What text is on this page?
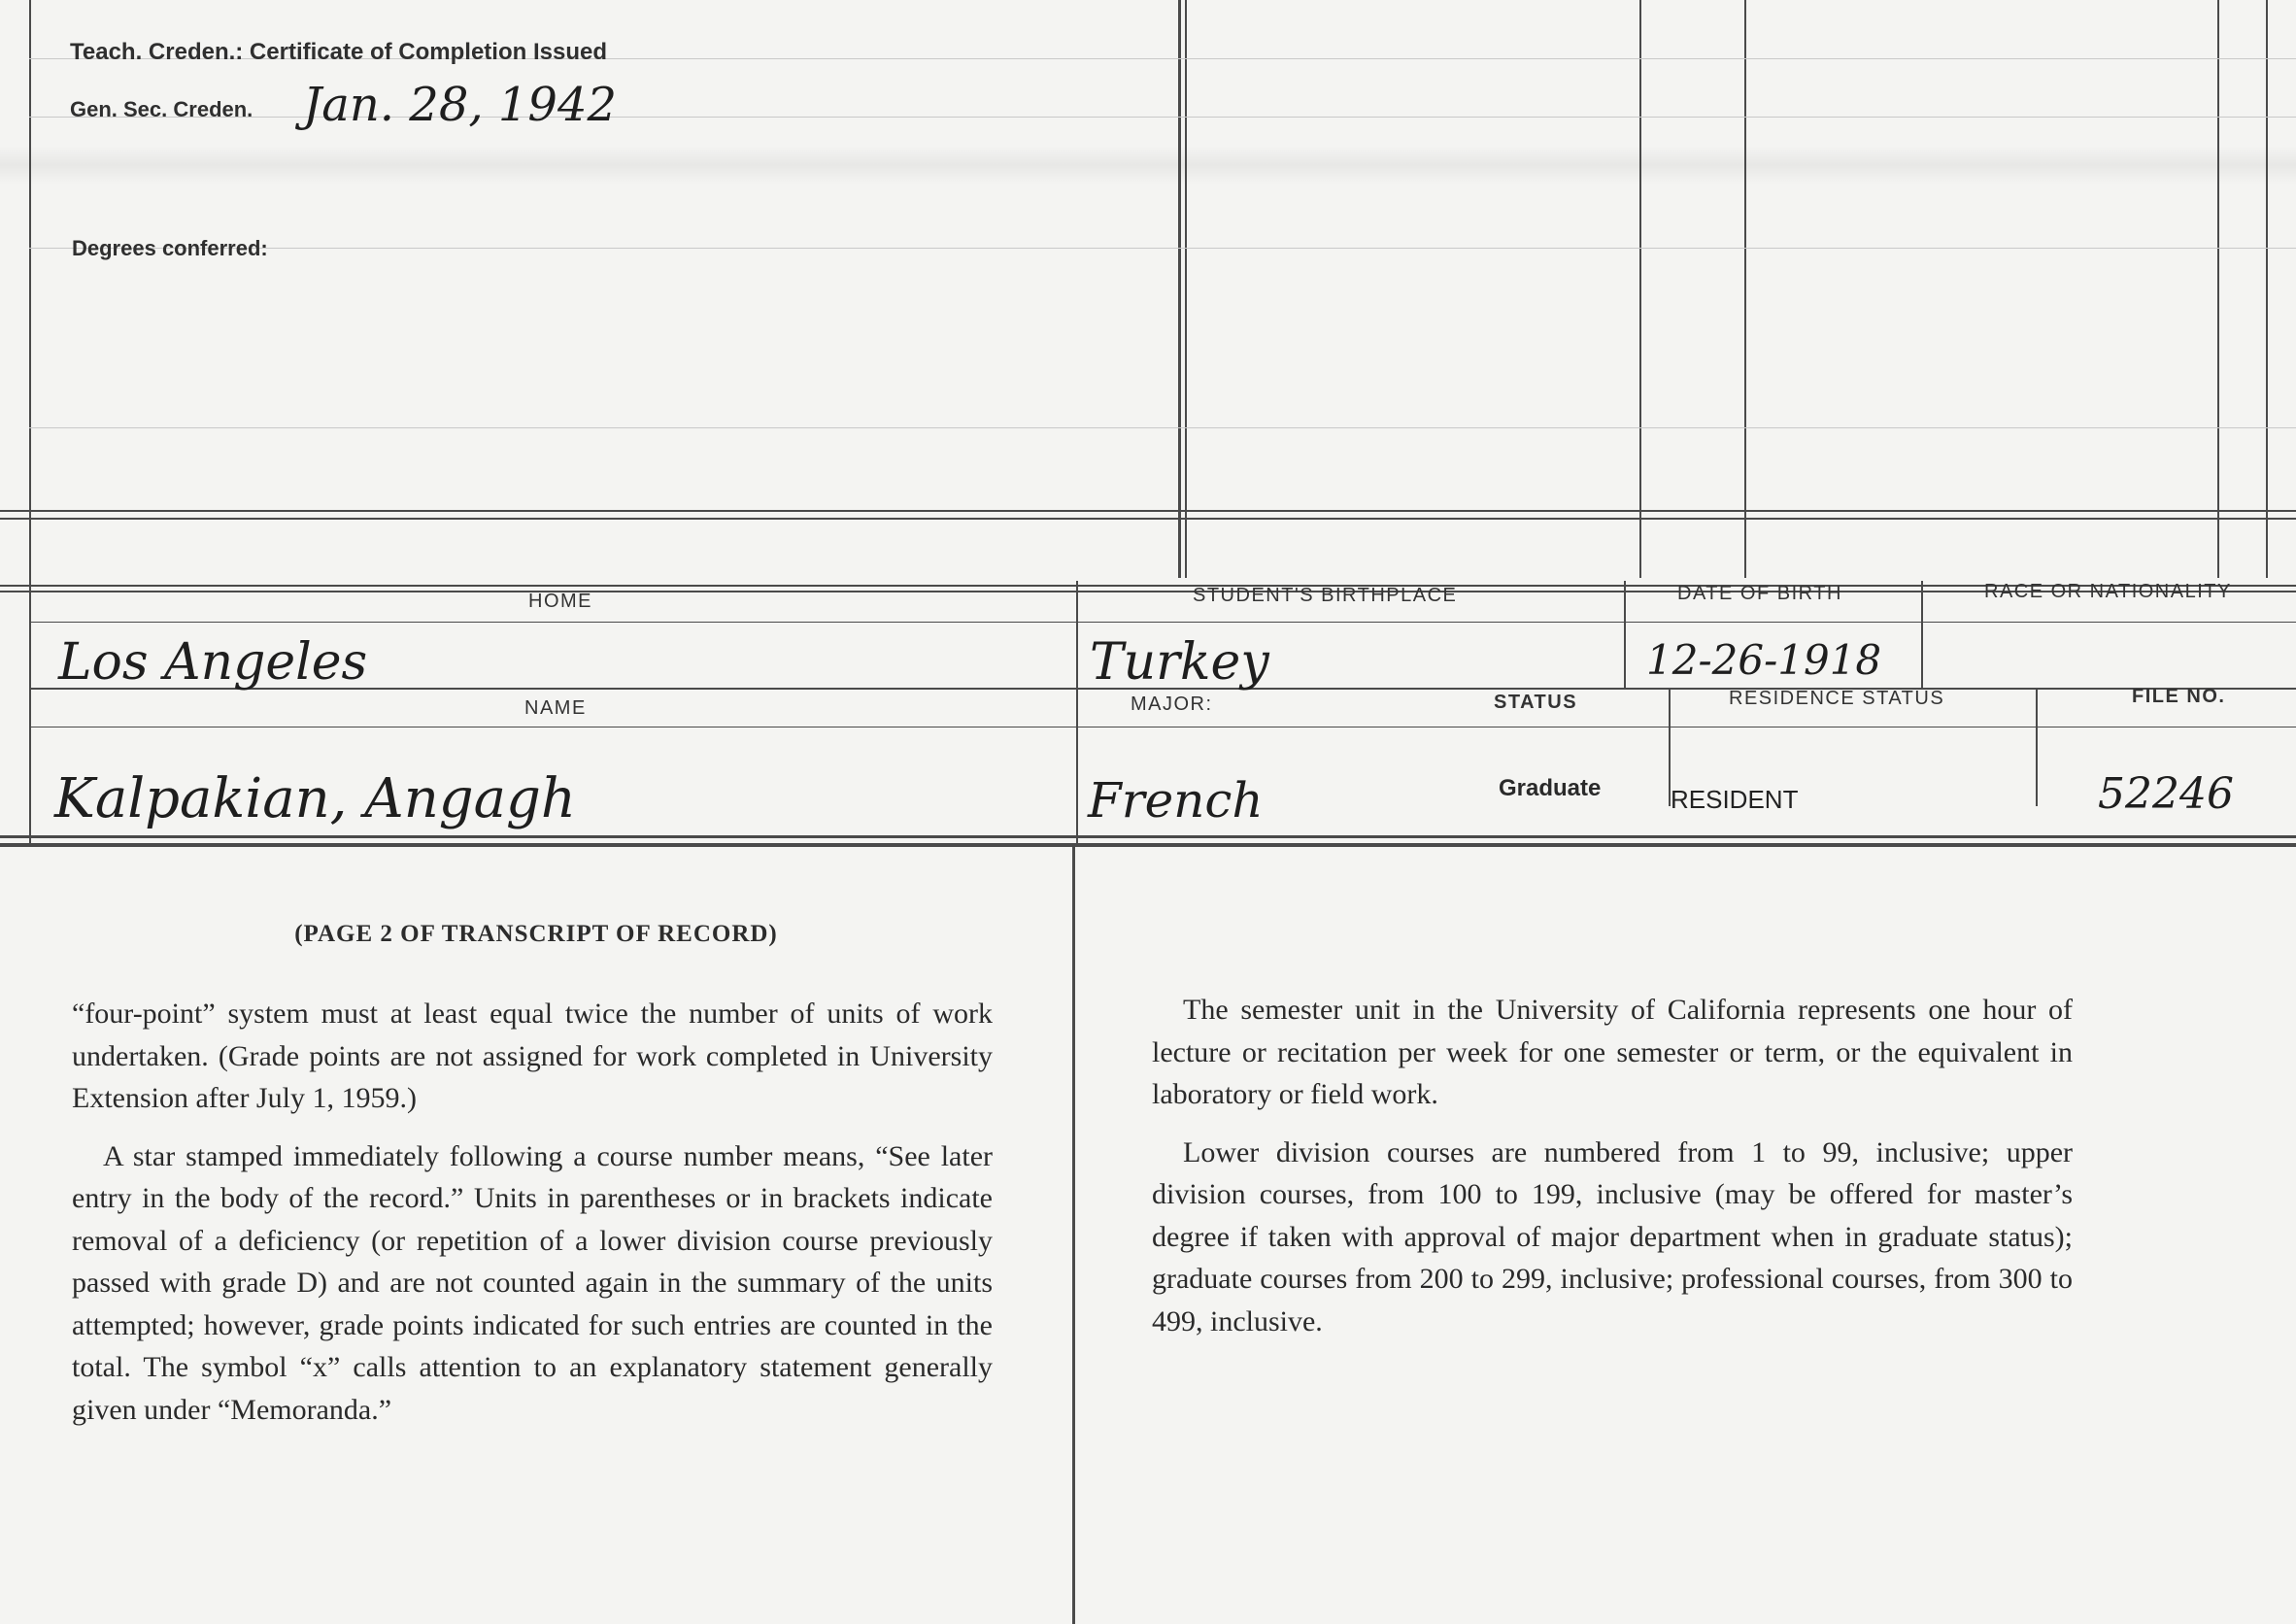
Teach. Creden.: Certificate of Completion Issued
Gen. Sec. Creden. Jan. 28, 1942
Degrees conferred:
HOME
Los Angeles
STUDENT'S BIRTHPLACE
Turkey
DATE OF BIRTH
12-26-1918
RACE OR NATIONALITY
NAME
Kalpakian, Angagh
MAJOR:
French
STATUS
Graduate
RESIDENCE STATUS
RESIDENT
FILE NO.
52246
(PAGE 2 OF TRANSCRIPT OF RECORD)

“four-point” system must at least equal twice the number of units of work undertaken. (Grade points are not assigned for work completed in University Extension after July 1, 1959.)

A star stamped immediately following a course number means, “See later entry in the body of the record.” Units in parentheses or in brackets indicate removal of a deficiency (or repetition of a lower division course previously passed with grade D) and are not counted again in the summary of the units attempted; however, grade points indicated for such entries are counted in the total. The symbol “x” calls attention to an explanatory statement generally given under “Memoranda.”

The semester unit in the University of California represents one hour of lecture or recitation per week for one semester or term, or the equivalent in laboratory or field work.

Lower division courses are numbered from 1 to 99, inclusive; upper division courses, from 100 to 199, inclusive (may be offered for master’s degree if taken with approval of major department when in graduate status); graduate courses from 200 to 299, inclusive; professional courses, from 300 to 499, inclusive.
